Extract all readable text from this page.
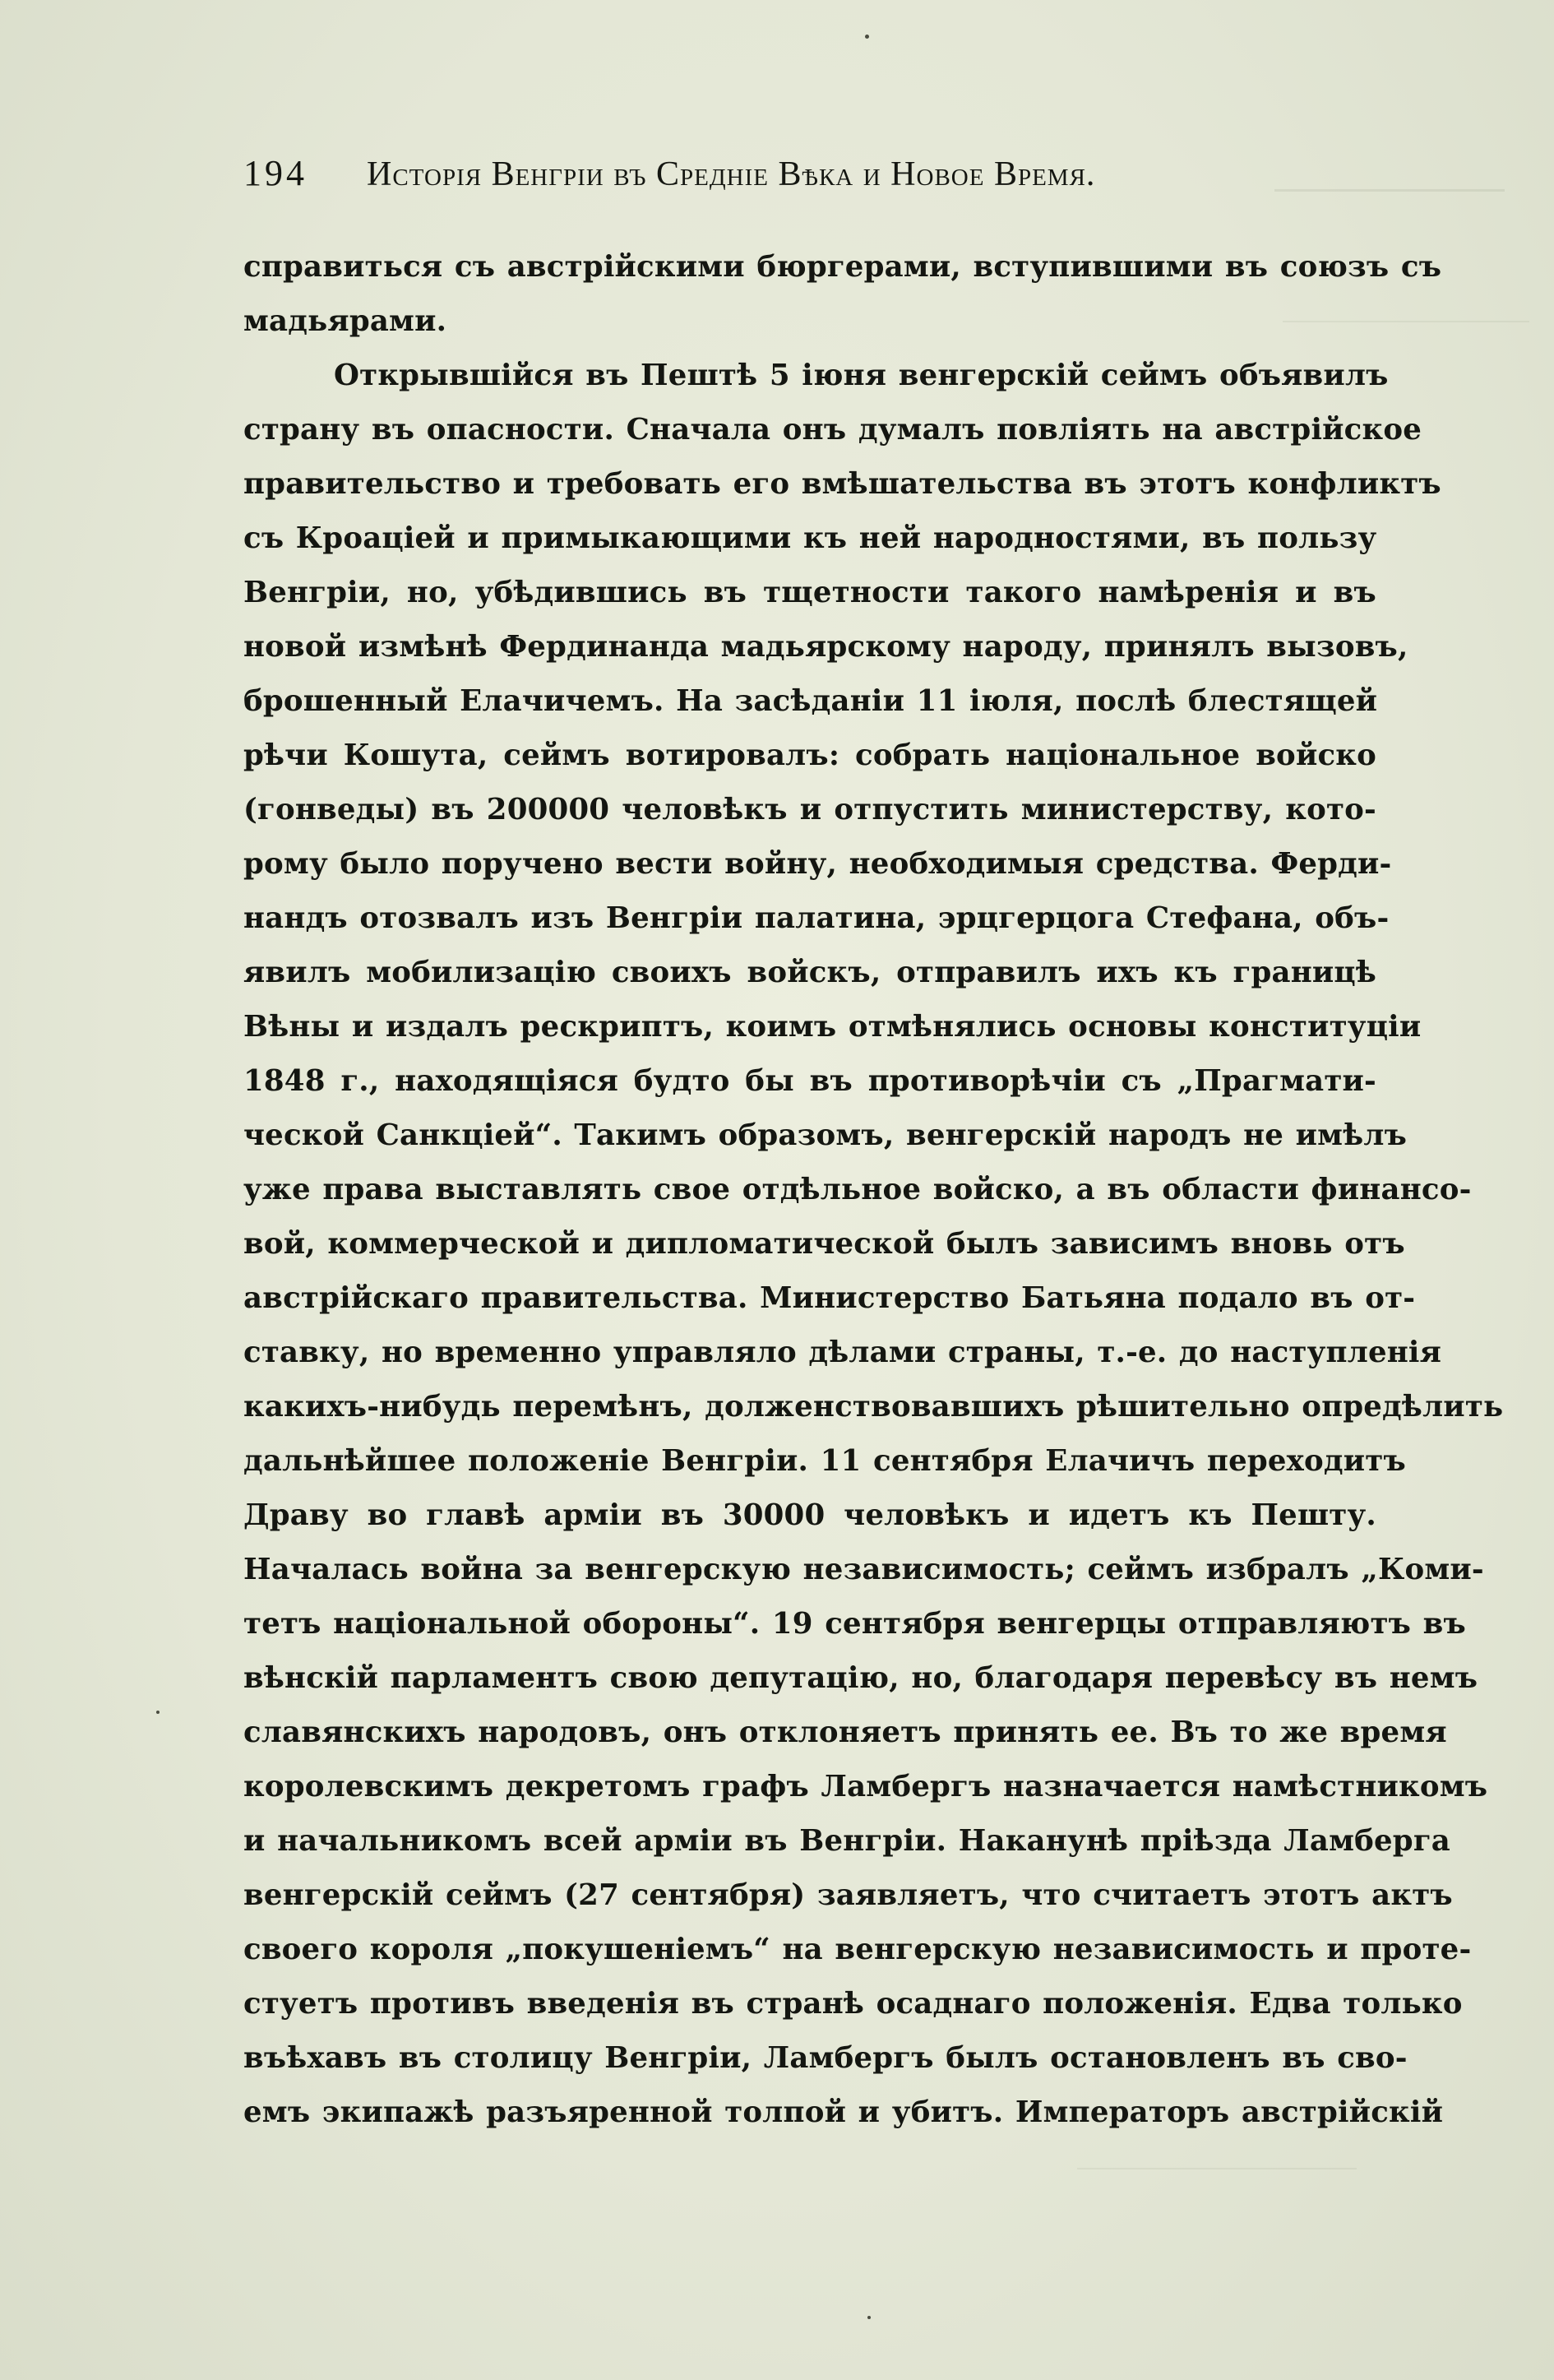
194	Исторія Венгріи въ Средніе Вѣка и Новое Время.
справиться съ австрійскими бюргерами, вступившими въ союзъ съ
мадьярами.
Открывшійся въ Пештѣ 5 іюня венгерскій сеймъ объявилъ
страну въ опасности. Сначала онъ думалъ повліять на австрійское
правительство и требовать его вмѣшательства въ этотъ конфликтъ
съ Кроаціей и примыкающими къ ней народностями, въ пользу
Венгріи, но, убѣдившись въ тщетности такого намѣренія и въ
новой измѣнѣ Фердинанда мадьярскому народу, принялъ вызовъ,
брошенный Елачичемъ. На засѣданіи 11 іюля, послѣ блестящей
рѣчи Кошута, сеймъ вотировалъ: собрать національное войско
(гонведы) въ 200000 человѣкъ и отпустить министерству, кото-
рому было поручено вести войну, необходимыя средства. Ферди-
нандъ отозвалъ изъ Венгріи палатина, эрцгерцога Стефана, объ-
явилъ мобилизацію своихъ войскъ, отправилъ ихъ къ границѣ
Вѣны и издалъ рескриптъ, коимъ отмѣнялись основы конституціи
1848 г., находящіяся будто бы въ противорѣчіи съ „Прагмати-
ческой Санкціей“. Такимъ образомъ, венгерскій народъ не имѣлъ
уже права выставлять свое отдѣльное войско, а въ области финансо-
вой, коммерческой и дипломатической былъ зависимъ вновь отъ
австрійскаго правительства. Министерство Батьяна подало въ от-
ставку, но временно управляло дѣлами страны, т.-е. до наступленія
какихъ-нибудь перемѣнъ, долженствовавшихъ рѣшительно опредѣлить
дальнѣйшее положеніе Венгріи. 11 сентября Елачичъ переходитъ
Драву во главѣ арміи въ 30000 человѣкъ и идетъ къ Пешту.
Началась война за венгерскую независимость; сеймъ избралъ „Коми-
тетъ національной обороны“. 19 сентября венгерцы отправляютъ въ
вѣнскій парламентъ свою депутацію, но, благодаря перевѣсу въ немъ
славянскихъ народовъ, онъ отклоняетъ принять ее. Въ то же время
королевскимъ декретомъ графъ Ламбергъ назначается намѣстникомъ
и начальникомъ всей арміи въ Венгріи. Наканунѣ пріѣзда Ламберга
венгерскій сеймъ (27 сентября) заявляетъ, что считаетъ этотъ актъ
своего короля „покушеніемъ“ на венгерскую независимость и проте-
стуетъ противъ введенія въ странѣ осаднаго положенія. Едва только
въѣхавъ въ столицу Венгріи, Ламбергъ былъ остановленъ въ сво-
емъ экипажѣ разъяренной толпой и убитъ. Императоръ австрійскій
